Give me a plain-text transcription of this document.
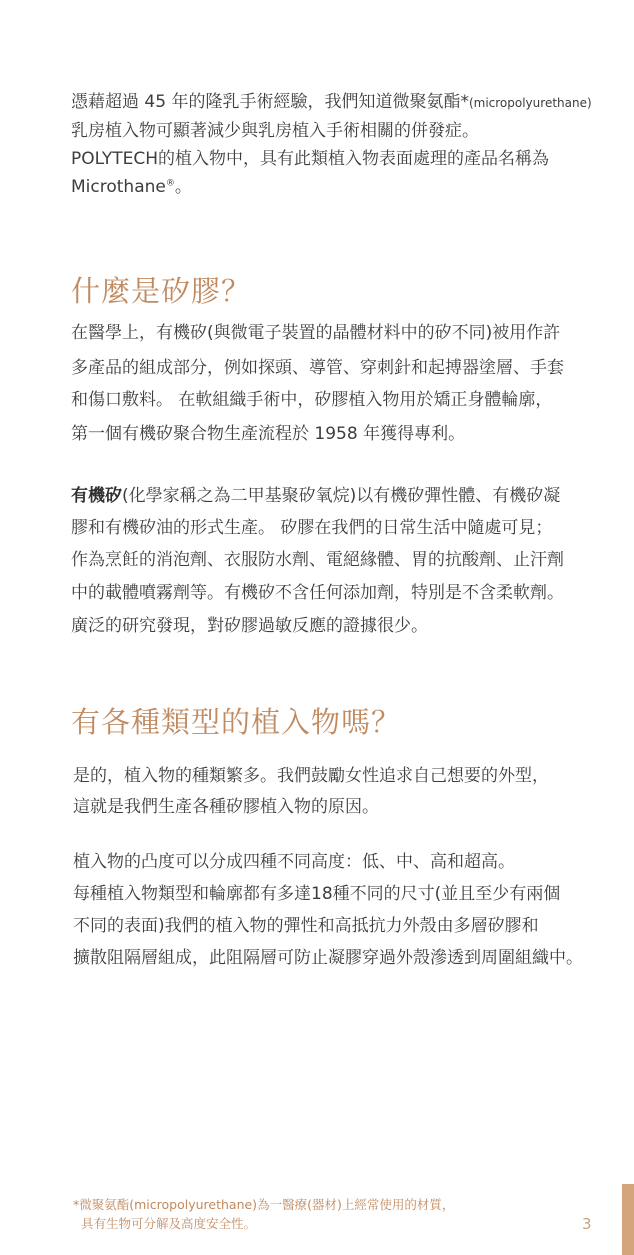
憑藉超過 45 年的隆乳手術經驗，我們知道微聚氨酯*(micropolyurethane)

乳房植入物可顯著減少與乳房植入手術相關的併發症。

POLYTECH的植入物中，具有此類植入物表面處理的產品名稱為

Microthane®。

什麼是矽膠？

在醫學上，有機矽(與微電子裝置的晶體材料中的矽不同)被用作許

多產品的組成部分，例如探頭、導管、穿刺針和起搏器塗層、手套

和傷口敷料。 在軟組織手術中，矽膠植入物用於矯正身體輪廓，

第一個有機矽聚合物生產流程於 1958 年獲得專利。

有機矽(化學家稱之為二甲基聚矽氧烷)以有機矽彈性體、有機矽凝

膠和有機矽油的形式生產。 矽膠在我們的日常生活中隨處可見；

作為烹飪的消泡劑、衣服防水劑、電絕緣體、胃的抗酸劑、止汗劑

中的載體噴霧劑等。有機矽不含任何添加劑，特別是不含柔軟劑。

廣泛的研究發現，對矽膠過敏反應的證據很少。

有各種類型的植入物嗎？

是的，植入物的種類繁多。我們鼓勵女性追求自己想要的外型，

這就是我們生產各種矽膠植入物的原因。

植入物的凸度可以分成四種不同高度：低、中、高和超高。

每種植入物類型和輪廓都有多達18種不同的尺寸(並且至少有兩個

不同的表面)我們的植入物的彈性和高抵抗力外殼由多層矽膠和

擴散阻隔層組成，此阻隔層可防止凝膠穿過外殼滲透到周圍組織中。

*微聚氨酯(micropolyurethane)為一醫療(器材)上經常使用的材質，
具有生物可分解及高度安全性。	3
